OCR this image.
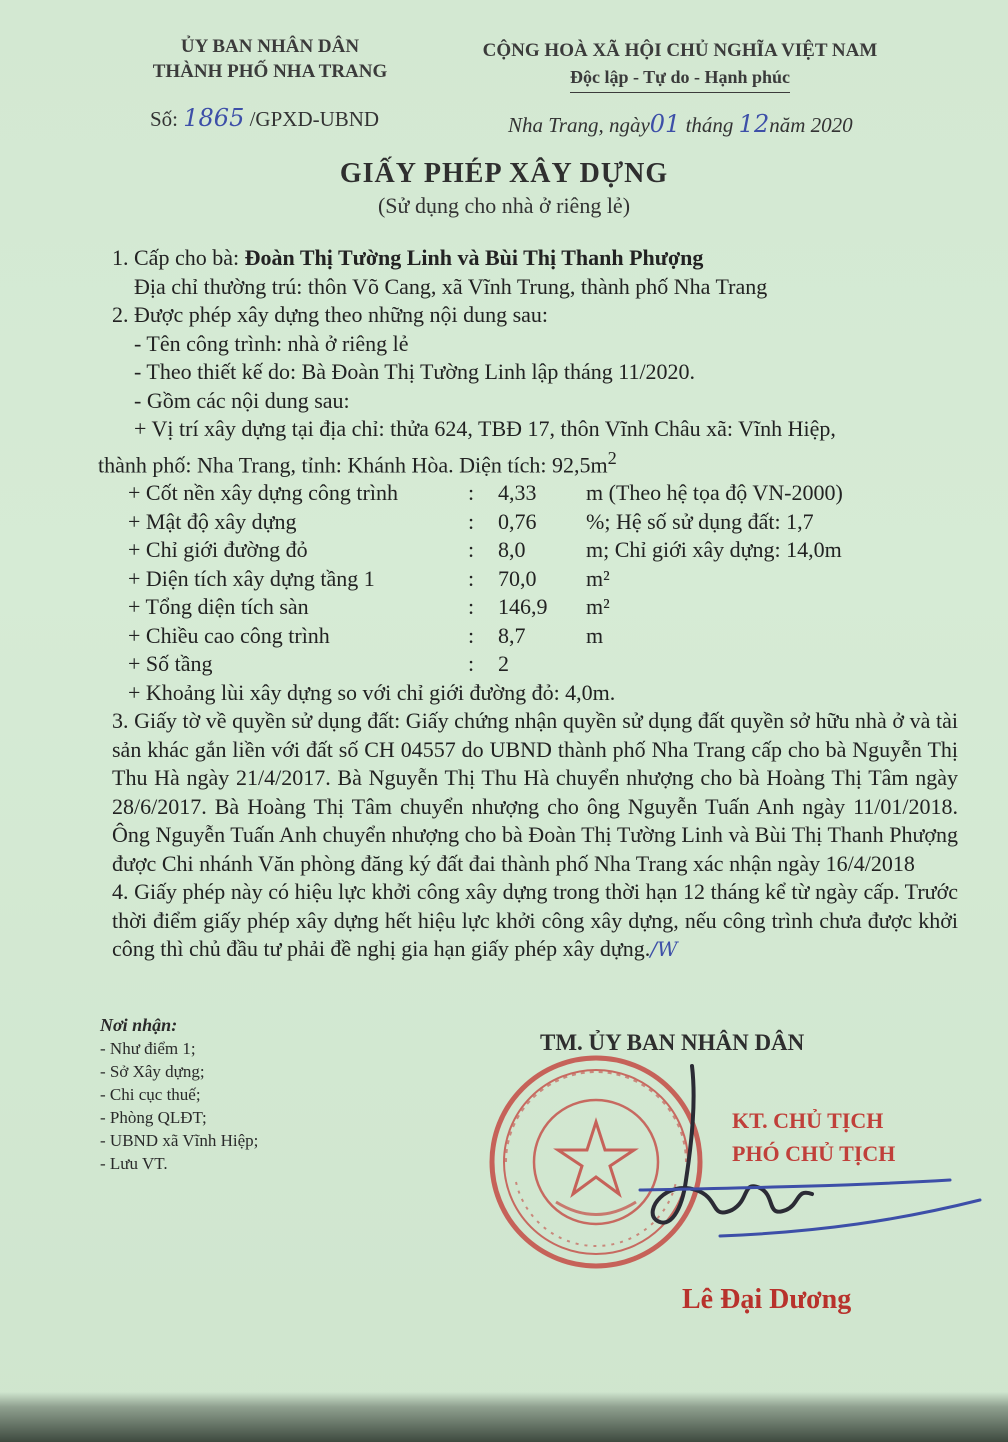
ỦY BAN NHÂN DÂN
THÀNH PHỐ NHA TRANG
CỘNG HOÀ XÃ HỘI CHỦ NGHĨA VIỆT NAM
Độc lập - Tự do - Hạnh phúc
Số: 1865 /GPXD-UBND	Nha Trang, ngày01 tháng 12năm 2020
GIẤY PHÉP XÂY DỰNG
(Sử dụng cho nhà ở riêng lẻ)

1. Cấp cho bà: Đoàn Thị Tường Linh và Bùi Thị Thanh Phượng

Địa chỉ thường trú: thôn Võ Cang, xã Vĩnh Trung, thành phố Nha Trang

2. Được phép xây dựng theo những nội dung sau:

- Tên công trình: nhà ở riêng lẻ

- Theo thiết kế do: Bà Đoàn Thị Tường Linh lập tháng 11/2020.

- Gồm các nội dung sau:

+ Vị trí xây dựng tại địa chỉ: thửa 624, TBĐ 17, thôn Vĩnh Châu xã: Vĩnh Hiệp,

thành phố: Nha Trang, tỉnh: Khánh Hòa. Diện tích: $92,5m^2$

+ Cốt nền xây dựng công trình	:	4,33	m (Theo hệ tọa độ VN-2000)
+ Mật độ xây dựng	:	0,76	%; Hệ số sử dụng đất: 1,7
+ Chỉ giới đường đỏ	:	8,0	m; Chỉ giới xây dựng: 14,0m
+ Diện tích xây dựng tầng 1	:	70,0	m²
+ Tổng diện tích sàn	:	146,9	m²
+ Chiều cao công trình	:	8,7	m
+ Số tầng	:	2

+ Khoảng lùi xây dựng so với chỉ giới đường đỏ: 4,0m.

3. Giấy tờ về quyền sử dụng đất: Giấy chứng nhận quyền sử dụng đất quyền sở hữu nhà ở và tài sản khác gắn liền với đất số CH 04557 do UBND thành phố Nha Trang cấp cho bà Nguyễn Thị Thu Hà ngày 21/4/2017. Bà Nguyễn Thị Thu Hà chuyển nhượng cho bà Hoàng Thị Tâm ngày 28/6/2017. Bà Hoàng Thị Tâm chuyển nhượng cho ông Nguyễn Tuấn Anh ngày 11/01/2018. Ông Nguyễn Tuấn Anh chuyển nhượng cho bà Đoàn Thị Tường Linh và Bùi Thị Thanh Phượng được Chi nhánh Văn phòng đăng ký đất đai thành phố Nha Trang xác nhận ngày 16/4/2018

4. Giấy phép này có hiệu lực khởi công xây dựng trong thời hạn 12 tháng kể từ ngày cấp. Trước thời điểm giấy phép xây dựng hết hiệu lực khởi công xây dựng, nếu công trình chưa được khởi công thì chủ đầu tư phải đề nghị gia hạn giấy phép xây dựng./W

Nơi nhận:
- Như điểm 1;
- Sở Xây dựng;
- Chi cục thuế;
- Phòng QLĐT;
- UBND xã Vĩnh Hiệp;
- Lưu VT.
TM. ỦY BAN NHÂN DÂN
KT. CHỦ TỊCH
PHÓ CHỦ TỊCH
Lê Đại Dương
